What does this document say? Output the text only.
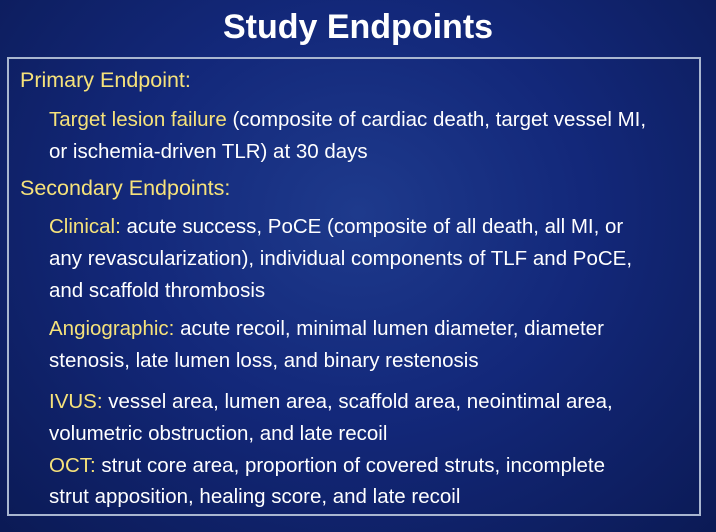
Study Endpoints
Primary Endpoint:
Target lesion failure (composite of cardiac death, target vessel MI,
or ischemia-driven TLR) at 30 days
Secondary Endpoints:
Clinical: acute success, PoCE (composite of all death, all MI, or
any revascularization), individual components of TLF and PoCE,
and scaffold thrombosis
Angiographic: acute recoil, minimal lumen diameter, diameter
stenosis, late lumen loss, and binary restenosis
IVUS: vessel area, lumen area, scaffold area, neointimal area,
volumetric obstruction, and late recoil
OCT: strut core area, proportion of covered struts, incomplete
strut apposition, healing score, and late recoil
